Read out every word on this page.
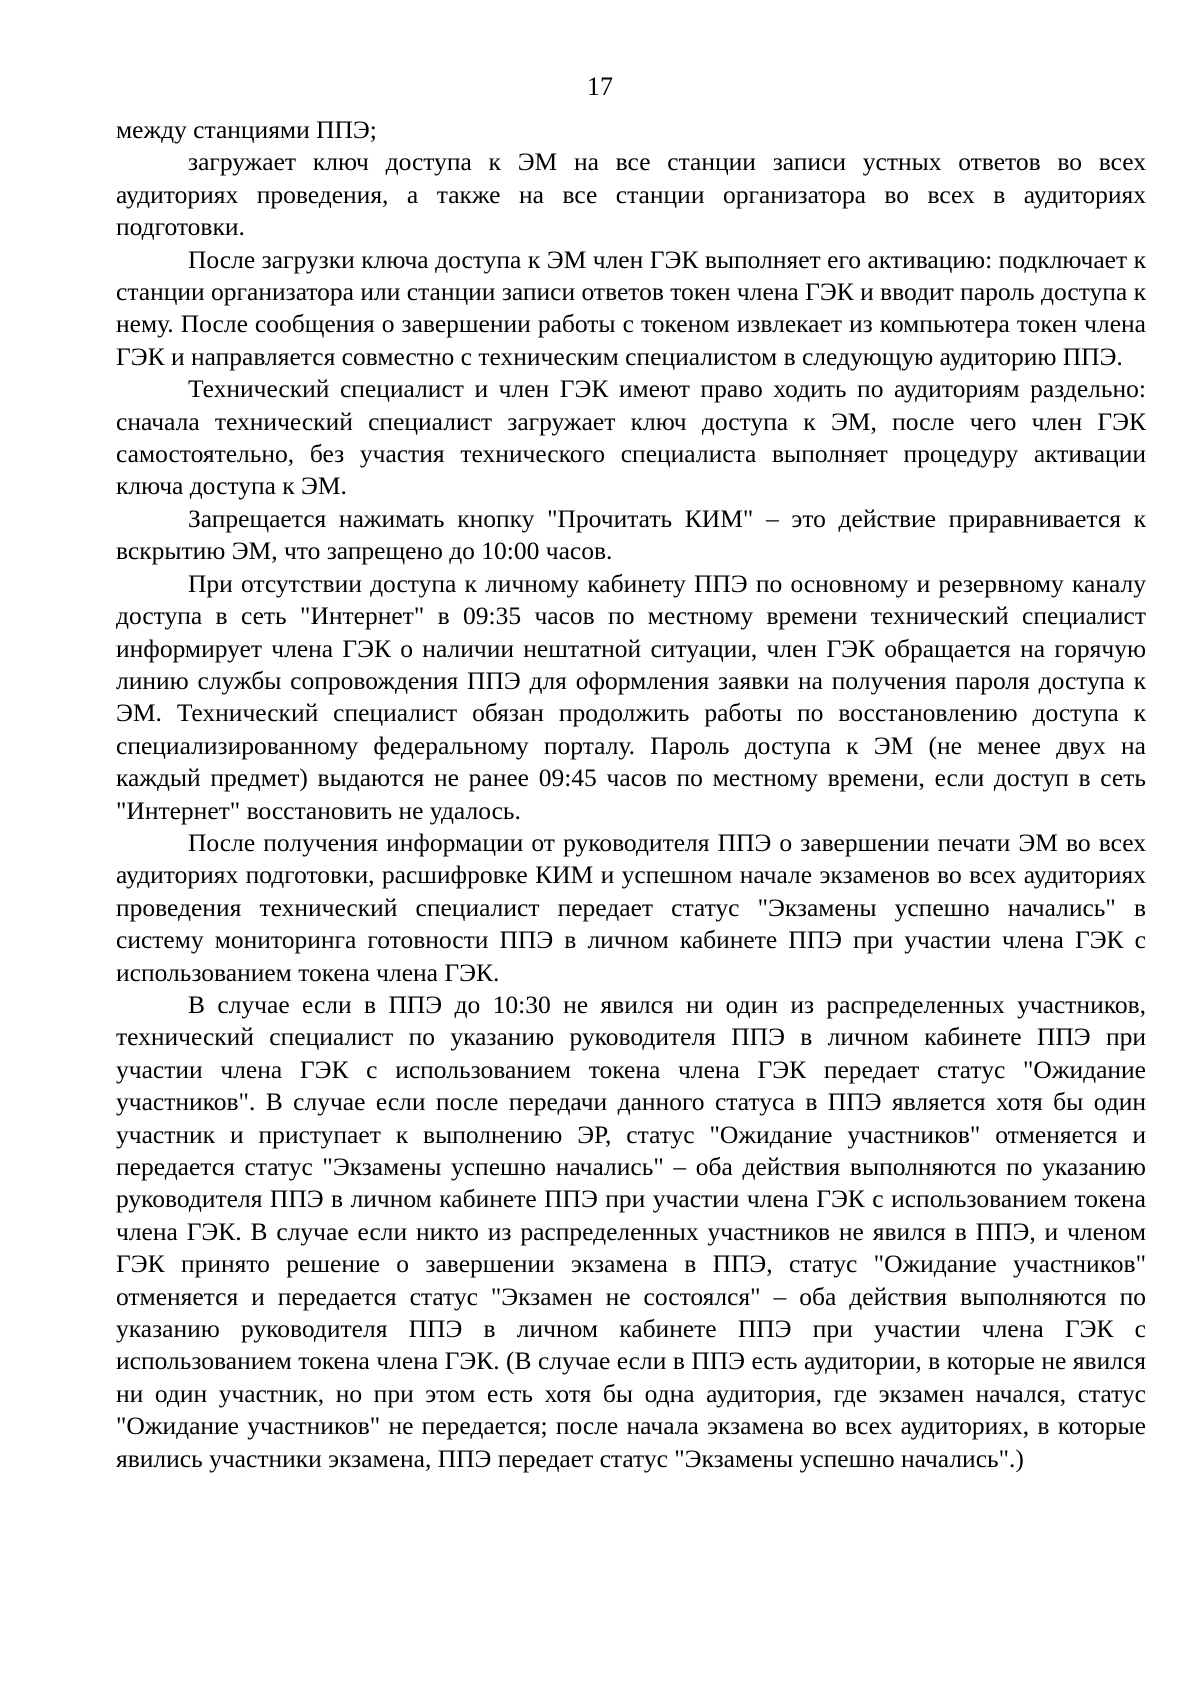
17

между станциями ППЭ;

загружает ключ доступа к ЭМ на все станции записи устных ответов во всех аудиториях проведения, а также на все станции организатора во всех в аудиториях подготовки.

После загрузки ключа доступа к ЭМ член ГЭК выполняет его активацию: подключает к станции организатора или станции записи ответов токен члена ГЭК и вводит пароль доступа к нему. После сообщения о завершении работы с токеном извлекает из компьютера токен члена ГЭК и направляется совместно с техническим специалистом в следующую аудиторию ППЭ.

Технический специалист и член ГЭК имеют право ходить по аудиториям раздельно: сначала технический специалист загружает ключ доступа к ЭМ, после чего член ГЭК самостоятельно, без участия технического специалиста выполняет процедуру активации ключа доступа к ЭМ.

Запрещается нажимать кнопку "Прочитать КИМ" – это действие приравнивается к вскрытию ЭМ, что запрещено до 10:00 часов.

При отсутствии доступа к личному кабинету ППЭ по основному и резервному каналу доступа в сеть "Интернет" в 09:35 часов по местному времени технический специалист информирует члена ГЭК о наличии нештатной ситуации, член ГЭК обращается на горячую линию службы сопровождения ППЭ для оформления заявки на получения пароля доступа к ЭМ. Технический специалист обязан продолжить работы по восстановлению доступа к специализированному федеральному порталу. Пароль доступа к ЭМ (не менее двух на каждый предмет) выдаются не ранее 09:45 часов по местному времени, если доступ в сеть "Интернет" восстановить не удалось.

После получения информации от руководителя ППЭ о завершении печати ЭМ во всех аудиториях подготовки, расшифровке КИМ и успешном начале экзаменов во всех аудиториях проведения технический специалист передает статус "Экзамены успешно начались" в систему мониторинга готовности ППЭ в личном кабинете ППЭ при участии члена ГЭК с использованием токена члена ГЭК.

В случае если в ППЭ до 10:30 не явился ни один из распределенных участников, технический специалист по указанию руководителя ППЭ в личном кабинете ППЭ при участии члена ГЭК с использованием токена члена ГЭК передает статус "Ожидание участников". В случае если после передачи данного статуса в ППЭ является хотя бы один участник и приступает к выполнению ЭР, статус "Ожидание участников" отменяется и передается статус "Экзамены успешно начались" – оба действия выполняются по указанию руководителя ППЭ в личном кабинете ППЭ при участии члена ГЭК с использованием токена члена ГЭК. В случае если никто из распределенных участников не явился в ППЭ, и членом ГЭК принято решение о завершении экзамена в ППЭ, статус "Ожидание участников" отменяется и передается статус "Экзамен не состоялся" – оба действия выполняются по указанию руководителя ППЭ в личном кабинете ППЭ при участии члена ГЭК с использованием токена члена ГЭК. (В случае если в ППЭ есть аудитории, в которые не явился ни один участник, но при этом есть хотя бы одна аудитория, где экзамен начался, статус "Ожидание участников" не передается; после начала экзамена во всех аудиториях, в которые явились участники экзамена, ППЭ передает статус "Экзамены успешно начались".)
